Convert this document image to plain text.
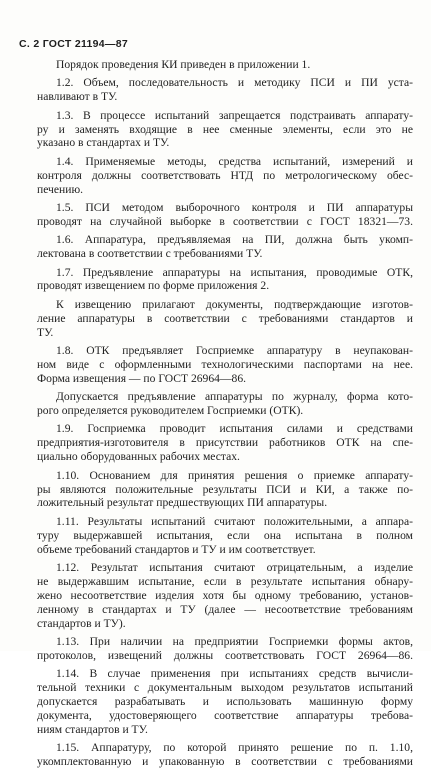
С. 2 ГОСТ 21194—87
Порядок проведения КИ приведен в приложении 1.
1.2. Объем, последовательность и методику ПСИ и ПИ уста-
навливают в ТУ.
1.3. В процессе испытаний запрещается подстраивать аппарату-
ру и заменять входящие в нее сменные элементы, если это не
указано в стандартах и ТУ.
1.4. Применяемые методы, средства испытаний, измерений и
контроля должны соответствовать НТД по метрологическому обес-
печению.
1.5. ПСИ методом выборочного контроля и ПИ аппаратуры
проводят на случайной выборке в соответствии с ГОСТ 18321—73.
1.6. Аппаратура, предъявляемая на ПИ, должна быть укомп-
лектована в соответствии с требованиями ТУ.
1.7. Предъявление аппаратуры на испытания, проводимые ОТК,
проводят извещением по форме приложения 2.
К извещению прилагают документы, подтверждающие изготов-
ление аппаратуры в соответствии с требованиями стандартов и
ТУ.
1.8. ОТК предъявляет Госприемке аппаратуру в неупакован-
ном виде с оформленными технологическими паспортами на нее.
Форма извещения — по ГОСТ 26964—86.
Допускается предъявление аппаратуры по журналу, форма кото-
рого определяется руководителем Госприемки (ОТК).
1.9. Госприемка проводит испытания силами и средствами
предприятия-изготовителя в присутствии работников ОТК на спе-
циально оборудованных рабочих местах.
1.10. Основанием для принятия решения о приемке аппарату-
ры являются положительные результаты ПСИ и КИ, а также по-
ложительный результат предшествующих ПИ аппаратуры.
1.11. Результаты испытаний считают положительными, а аппара-
туру выдержавшей испытания, если она испытана в полном
объеме требований стандартов и ТУ и им соответствует.
1.12. Результат испытания считают отрицательным, а изделие
не выдержавшим испытание, если в результате испытания обнару-
жено несоответствие изделия хотя бы одному требованию, установ-
ленному в стандартах и ТУ (далее — несоответствие требованиям
стандартов и ТУ).
1.13. При наличии на предприятии Госприемки формы актов,
протоколов, извещений должны соответствовать ГОСТ 26964—86.
1.14. В случае применения при испытаниях средств вычисли-
тельной техники с документальным выходом результатов испытаний
допускается разрабатывать и использовать машинную форму
документа, удостоверяющего соответствие аппаратуры требова-
ниям стандартов и ТУ.
1.15. Аппаратуру, по которой принято решение по п. 1.10,
укомплектованную и упакованную в соответствии с требованиями
